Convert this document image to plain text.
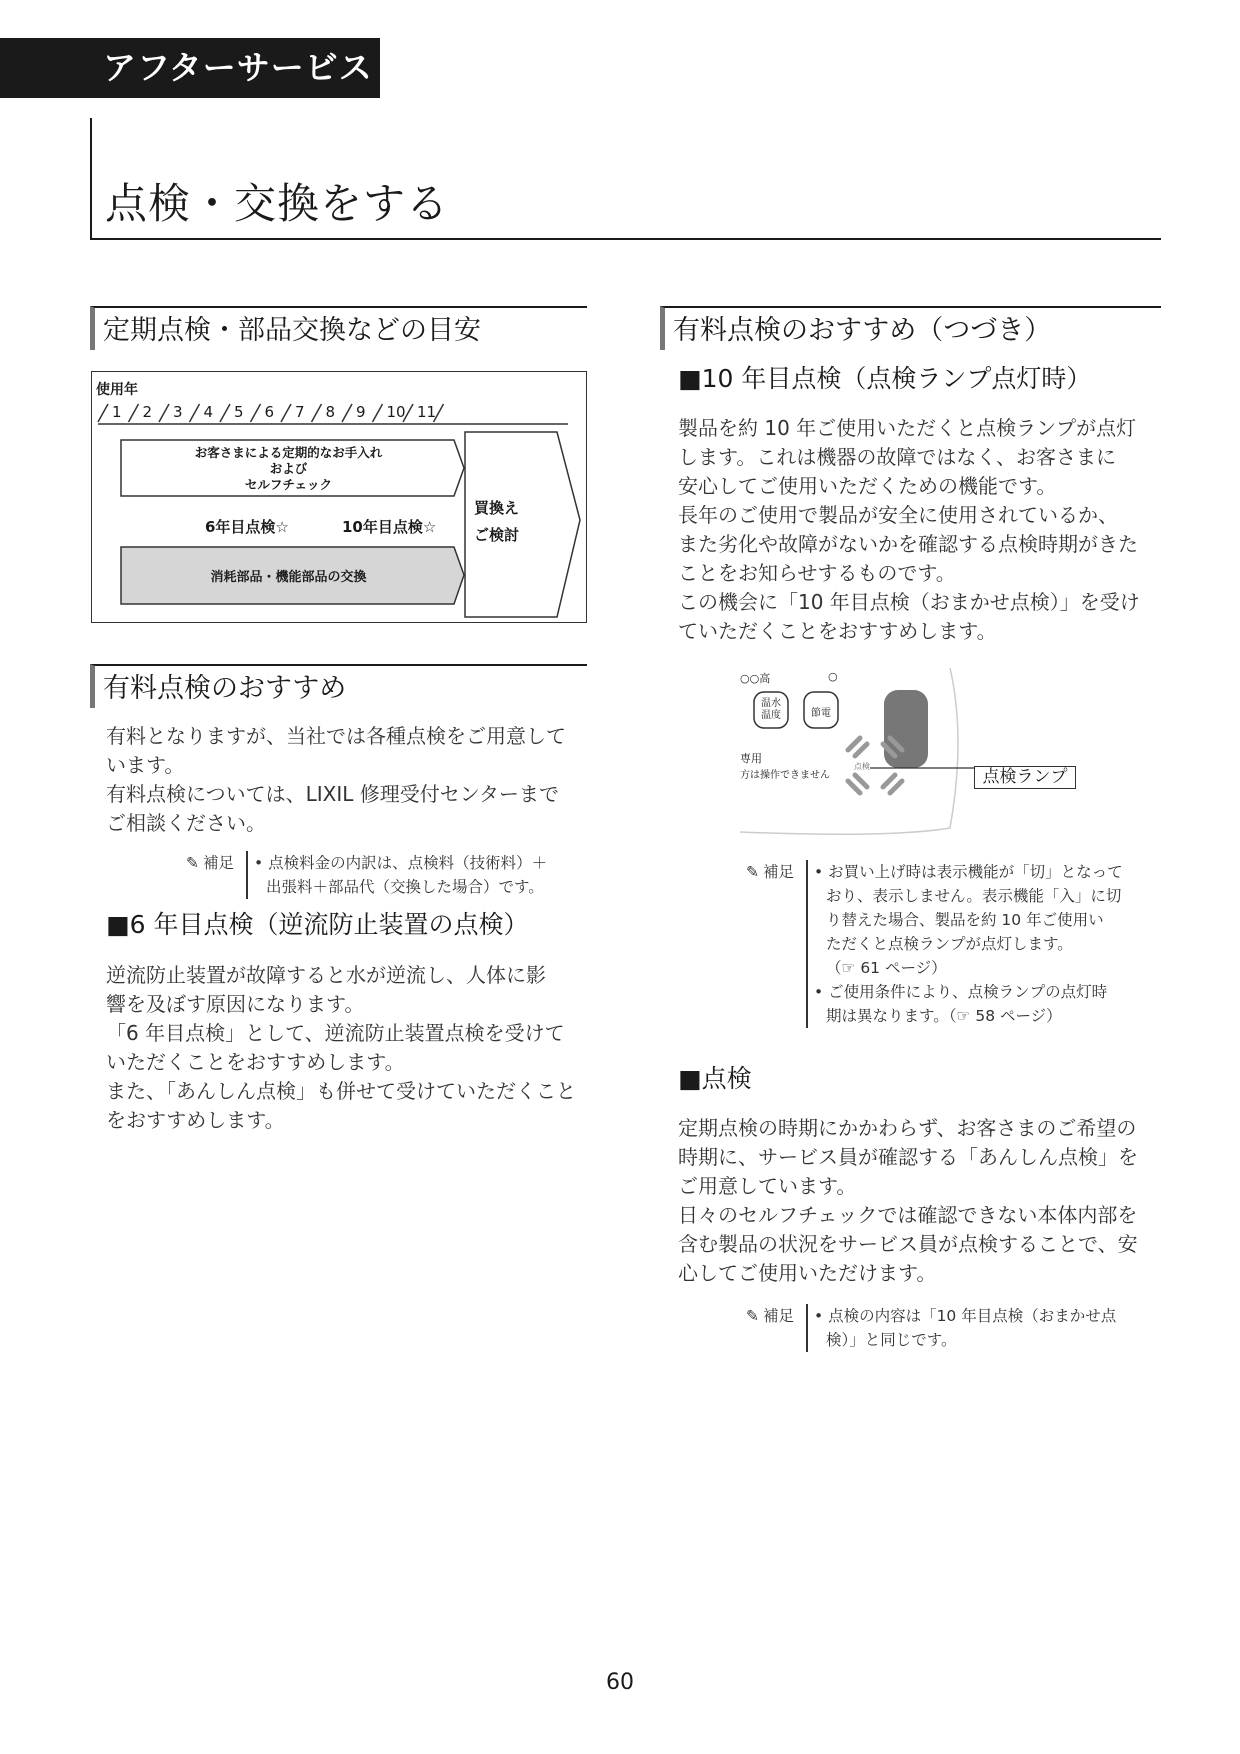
アフターサービス
点検・交換をする
定期点検・部品交換などの目安
使用年
1 2 3 4 5 6 7 8 9 10 11
お客さまによる定期的なお手入れ
および
セルフチェック
6年目点検☆	10年目点検☆
消耗部品・機能部品の交換
買換え
ご検討
有料点検のおすすめ

有料となりますが、当社では各種点検をご用意して

います。

有料点検については、LIXIL 修理受付センターまで

ご相談ください。

✎ 補足 • 点検料金の内訳は、点検料（技術料）＋
出張料＋部品代（交換した場合）です。
■6 年目点検（逆流防止装置の点検）

逆流防止装置が故障すると水が逆流し、人体に影

響を及ぼす原因になります。

「6 年目点検」として、逆流防止装置点検を受けて

いただくことをおすすめします。

また、「あんしん点検」も併せて受けていただくこと

をおすすめします。

有料点検のおすすめ（つづき）
■10 年目点検（点検ランプ点灯時）

製品を約 10 年ご使用いただくと点検ランプが点灯

します。これは機器の故障ではなく、お客さまに

安心してご使用いただくための機能です。

長年のご使用で製品が安全に使用されているか、

また劣化や故障がないかを確認する点検時期がきた

ことをお知らせするものです。

この機会に「10 年目点検（おまかせ点検）」を受け

ていただくことをおすすめします。

○○高	○
温水
温度	節電
専用
方は操作できません
点検
点検ランプ
✎ 補足 • お買い上げ時は表示機能が「切」となって
おり、表示しません。表示機能「入」に切
り替えた場合、製品を約 10 年ご使用い
ただくと点検ランプが点灯します。
（☞ 61 ページ）
• ご使用条件により、点検ランプの点灯時
期は異なります。（☞ 58 ページ）
■点検

定期点検の時期にかかわらず、お客さまのご希望の

時期に、サービス員が確認する「あんしん点検」を

ご用意しています。

日々のセルフチェックでは確認できない本体内部を

含む製品の状況をサービス員が点検することで、安

心してご使用いただけます。

✎ 補足 • 点検の内容は「10 年目点検（おまかせ点
検）」と同じです。
60
